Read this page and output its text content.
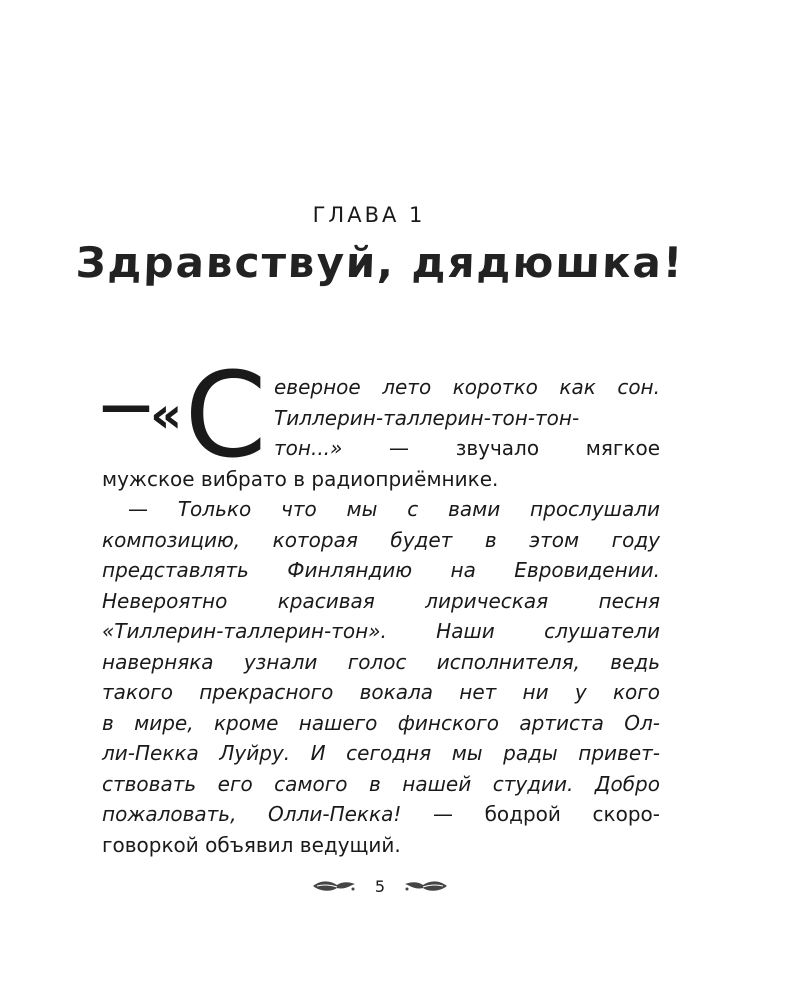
ГЛАВА 1
Здравствуй, дядюшка!
—
« С еверное лето коротко как сон.
Тиллерин-таллерин-тон-тон-
тон...» — звучало мягкое
мужское вибрато в радиоприёмнике.
— Только что мы с вами прослушали
композицию, которая будет в этом году
представлять Финляндию на Евровидении.
Невероятно красивая лирическая песня
«Тиллерин-таллерин-тон». Наши слушатели
наверняка узнали голос исполнителя, ведь
такого прекрасного вокала нет ни у кого
в мире, кроме нашего финского артиста Ол-
ли-Пекка Луйру. И сегодня мы рады привет-
ствовать его самого в нашей студии. Добро
пожаловать, Олли-Пекка! — бодрой скоро-
говоркой объявил ведущий.
5
